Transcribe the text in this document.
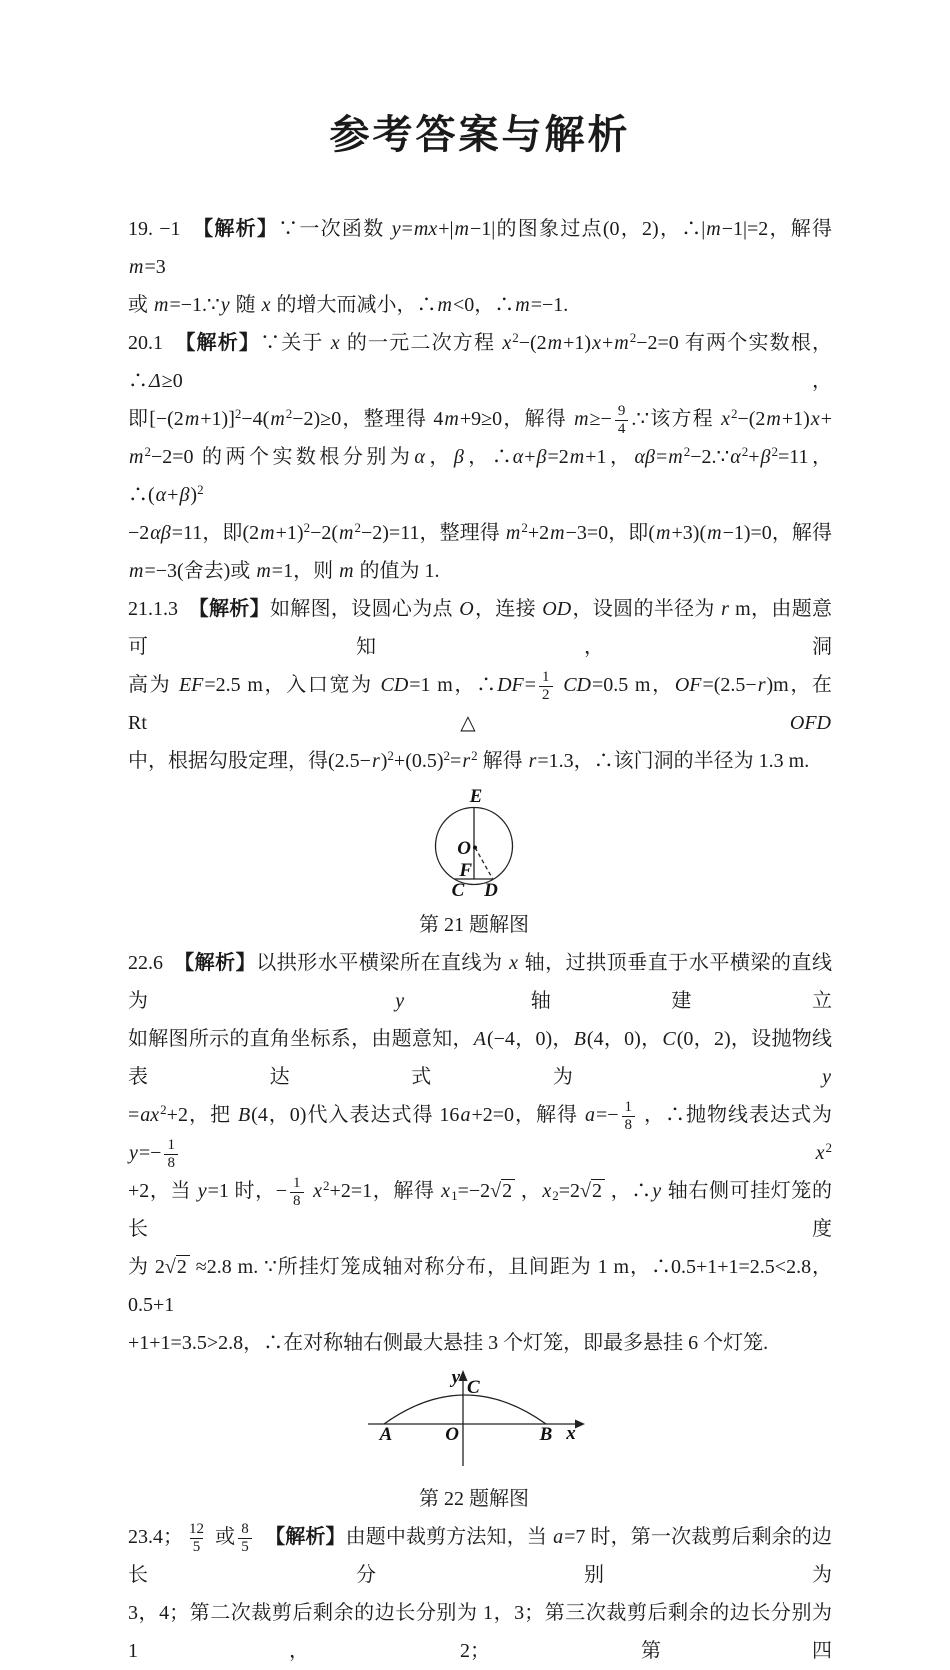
参考答案与解析
19. −1　【解析】∵一次函数 y=mx+|m−1|的图象过点(0，2)，∴|m−1|=2，解得 m=3
或 m=−1.∵y 随 x 的增大而减小，∴m<0，∴m=−1.
20.1　【解析】∵关于 x 的一元二次方程 $x^2-(2m+1)x+m^2-2=0$ 有两个实数根，∴Δ≥0，
即$[-(2m+1)]^2-4(m^2-2)\ge 0$，整理得 4m+9≥0，解得 $m\ge- \frac{9}{4}$ .∵该方程 $x^2-(2m+1)x+$
$m^2-2=0$ 的两个实数根分别为α，β，∴α+β=2m+1，$\alpha\beta=m^2-2.\because\alpha^2+\beta^2=11$，$\therefore(\alpha+\beta)^2$
−2αβ=11，即$(2m+1)^2-2(m^2-2)=11$，整理得 $m^2+2m-3=0$，即(m+3)(m−1)=0，解得
m=−3(舍去)或 m=1，则 m 的值为 1.
21.1.3　【解析】如解图，设圆心为点 O，连接 OD，设圆的半径为 r m，由题意可知，洞
高为 EF=2.5 m，入口宽为 CD=1 m，∴DF= $\frac{1}{2} CD=0.5$ m，OF=(2.5−r)m，在 Rt△OFD
中，根据勾股定理，得$(2.5-r)^2+(0.5)^2=r^2$ 解得 r=1.3，∴该门洞的半径为 1.3 m.
E
O
F
C D
第 21 题解图
22.6　【解析】以拱形水平横梁所在直线为 x 轴，过拱顶垂直于水平横梁的直线为 y 轴建立
如解图所示的直角坐标系，由题意知，A(−4，0)，B(4，0)，C(0，2)，设抛物线表达式为 y
$=ax^2+2$，把 B(4，0)代入表达式得 16a+2=0，解得 $a=- \frac{1}{8}$ ，∴抛物线表达式为 $y=- \frac{1}{8}$	$x^2$
+2，当 y=1 时，− $\frac{1}{8} x^2+2=1$，解得 $x_1=-2√2$ ，$x_2=2√2$ ，∴y 轴右侧可挂灯笼的长度
为 2√2 ≈2.8 m. ∵所挂灯笼成轴对称分布，且间距为 1 m，∴0.5+1+1=2.5<2.8，0.5+1
+1+1=3.5>2.8，∴在对称轴右侧最大悬挂 3 个灯笼，即最多悬挂 6 个灯笼.
y C
A	O	B x
第 22 题解图
23.4； $\frac{12}{5}$ 或 $\frac{8}{5}$
　 【解析】由题中裁剪方法知，当 a=7 时，第一次裁剪后剩余的边长分别为
3，4；第二次裁剪后剩余的边长分别为 1，3；第三次裁剪后剩余的边长分别为 1，2；第四
